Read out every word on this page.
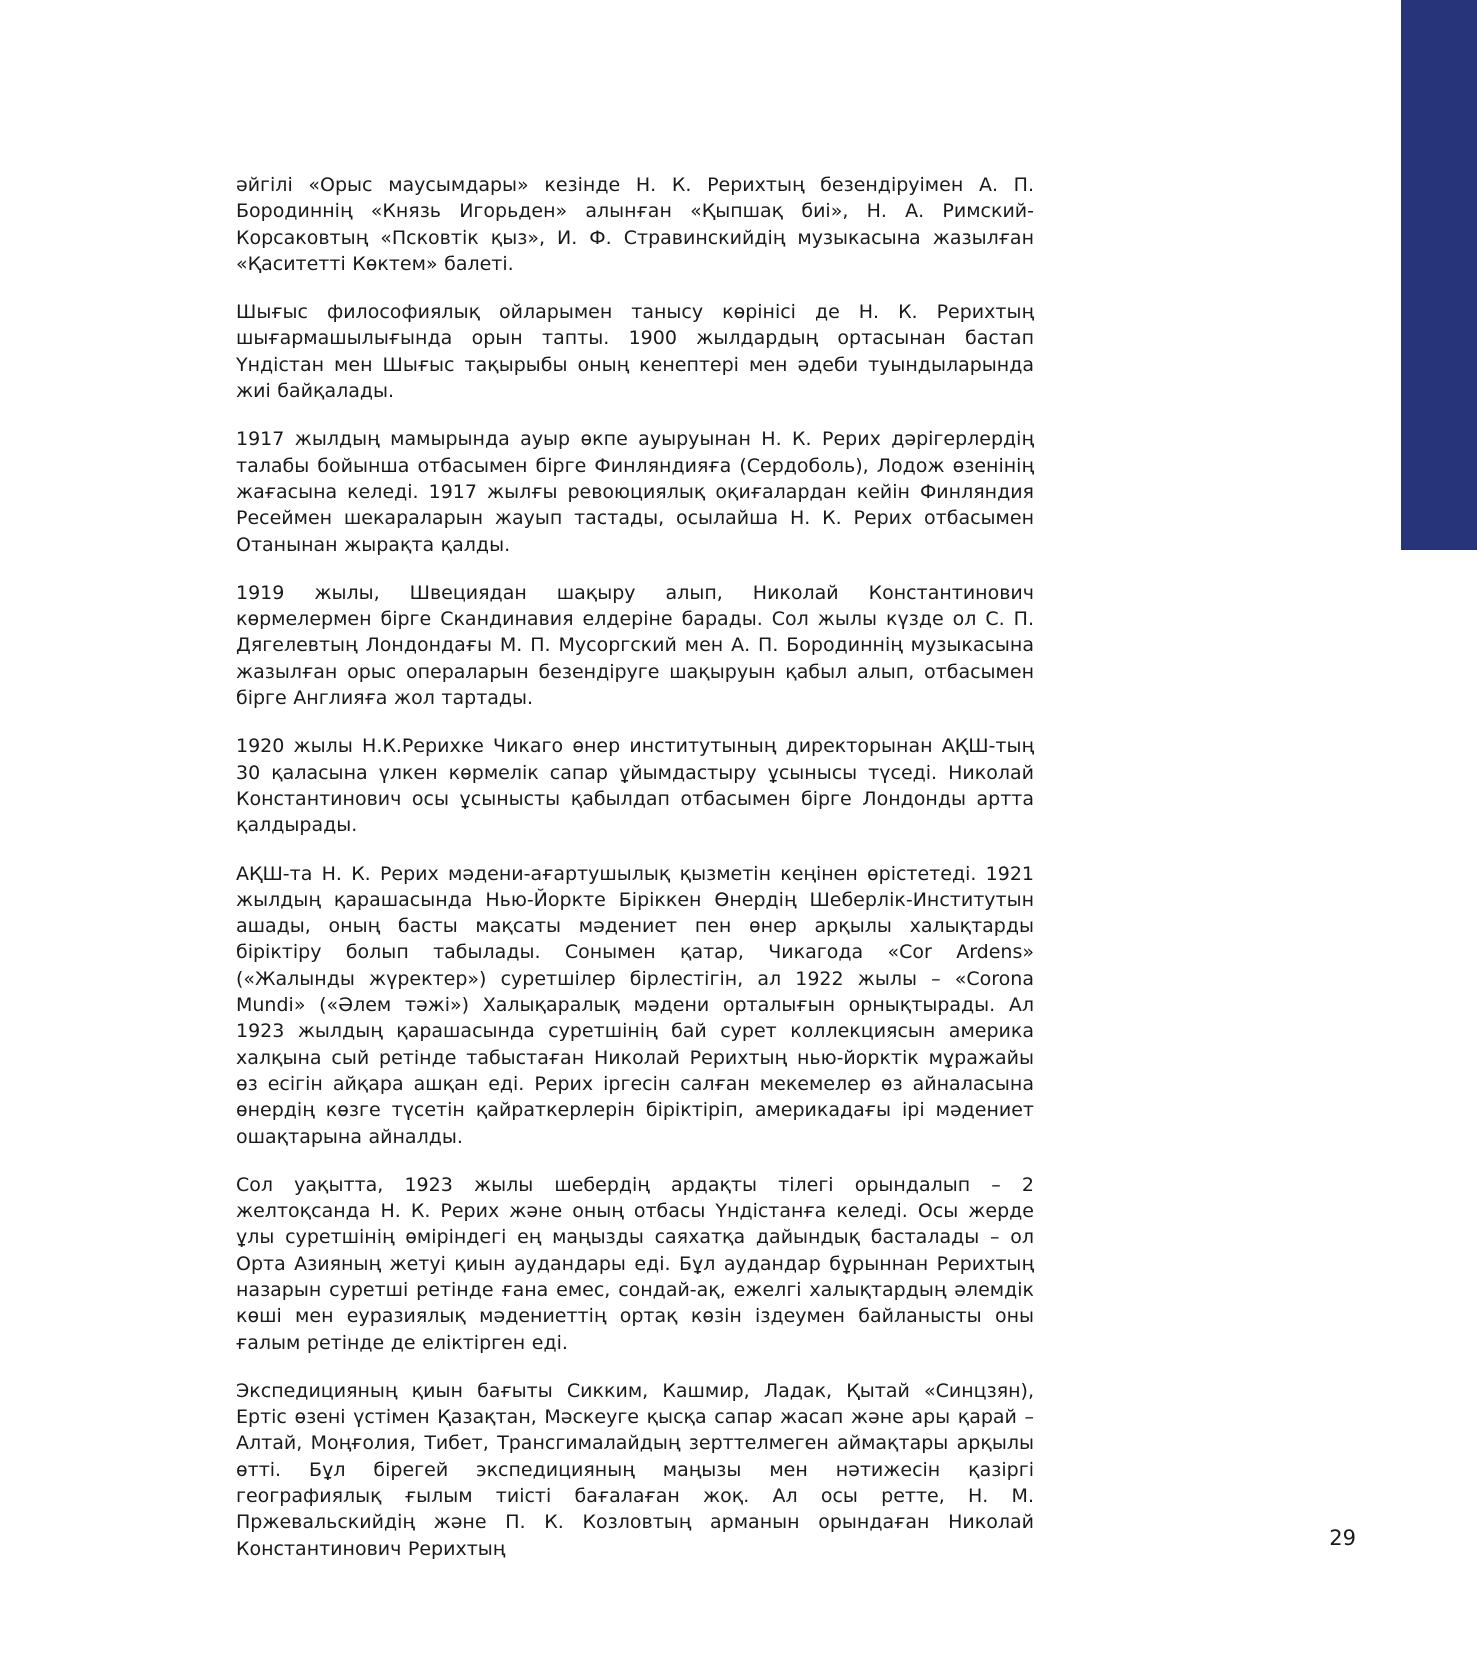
әйгілі «Орыс маусымдары» кезінде Н. К. Рерихтың безендіруімен А. П. Бородиннің «Князь Игорьден» алынған «Қыпшақ биі», Н. А. Римский-Корсаковтың «Псковтік қыз», И. Ф. Стравинскийдің музыкасына жазылған «Қаситетті Көктем» балеті.

Шығыс философиялық ойларымен танысу көрінісі де Н. К. Рерихтың шығармашылығында орын тапты. 1900 жылдардың ортасынан бастап Үндістан мен Шығыс тақырыбы оның кенептері мен әдеби туындыларында жиі байқалады.

1917 жылдың мамырында ауыр өкпе ауыруынан Н. К. Рерих дәрігерлердің талабы бойынша отбасымен бірге Финляндияға (Сердоболь), Лодож өзенінің жағасына келеді. 1917 жылғы ревоюциялық оқиғалардан кейін Финляндия Ресеймен шекараларын жауып тастады, осылайша Н. К. Рерих отбасымен Отанынан жырақта қалды.

1919 жылы, Швециядан шақыру алып, Николай Константинович көрмелермен бірге Скандинавия елдеріне барады. Сол жылы күзде ол С. П. Дягелевтың Лондондағы М. П. Мусоргский мен А. П. Бородиннің музыкасына жазылған орыс операларын безендіруге шақыруын қабыл алып, отбасымен бірге Англияға жол тартады.

1920 жылы Н.К.Рерихке Чикаго өнер институтының директорынан АҚШ-тың 30 қаласына үлкен көрмелік сапар ұйымдастыру ұсынысы түседі. Николай Константинович осы ұсынысты қабылдап отбасымен бірге Лондонды артта қалдырады.

АҚШ-та Н. К. Рерих мәдени-ағартушылық қызметін кеңінен өрістетеді. 1921 жылдың қарашасында Нью-Йоркте Біріккен Өнердің Шеберлік-Институтын ашады, оның басты мақсаты мәдениет пен өнер арқылы халықтарды біріктіру болып табылады. Сонымен қатар, Чикагода «Cor Ardens» («Жалынды жүректер») суретшілер бірлестігін, ал 1922 жылы – «Corona Mundi» («Әлем тәжі») Халықаралық мәдени орталығын орнықтырады. Ал 1923 жылдың қарашасында суретшінің бай сурет коллекциясын америка халқына сый ретінде табыстаған Николай Рерихтың нью-йорктік мұражайы өз есігін айқара ашқан еді. Рерих іргесін салған мекемелер өз айналасына өнердің көзге түсетін қайраткерлерін біріктіріп, америкадағы ірі мәдениет ошақтарына айналды.

Сол уақытта, 1923 жылы шебердің ардақты тілегі орындалып – 2 желтоқсанда Н. К. Рерих және оның отбасы Үндістанға келеді. Осы жерде ұлы суретшінің өміріндегі ең маңызды саяхатқа дайындық басталады – ол Орта Азияның жетуі қиын аудандары еді. Бұл аудандар бұрыннан Рерихтың назарын суретші ретінде ғана емес, сондай-ақ, ежелгі халықтардың әлемдік көші мен еуразиялық мәдениеттің ортақ көзін іздеумен байланысты оны ғалым ретінде де еліктірген еді.

Экспедицияның қиын бағыты Сикким, Кашмир, Ладак, Қытай «Синцзян), Ертіс өзені үстімен Қазақтан, Мәскеуге қысқа сапар жасап және ары қарай – Алтай, Моңғолия, Тибет, Трансгималайдың зерттелмеген аймақтары арқылы өтті. Бұл бірегей экспедицияның маңызы мен нәтижесін қазіргі географиялық ғылым тиісті бағалаған жоқ. Ал осы ретте, Н. М. Пржевальскийдің және П. К. Козловтың арманын орындаған Николай Константинович Рерихтың	29
